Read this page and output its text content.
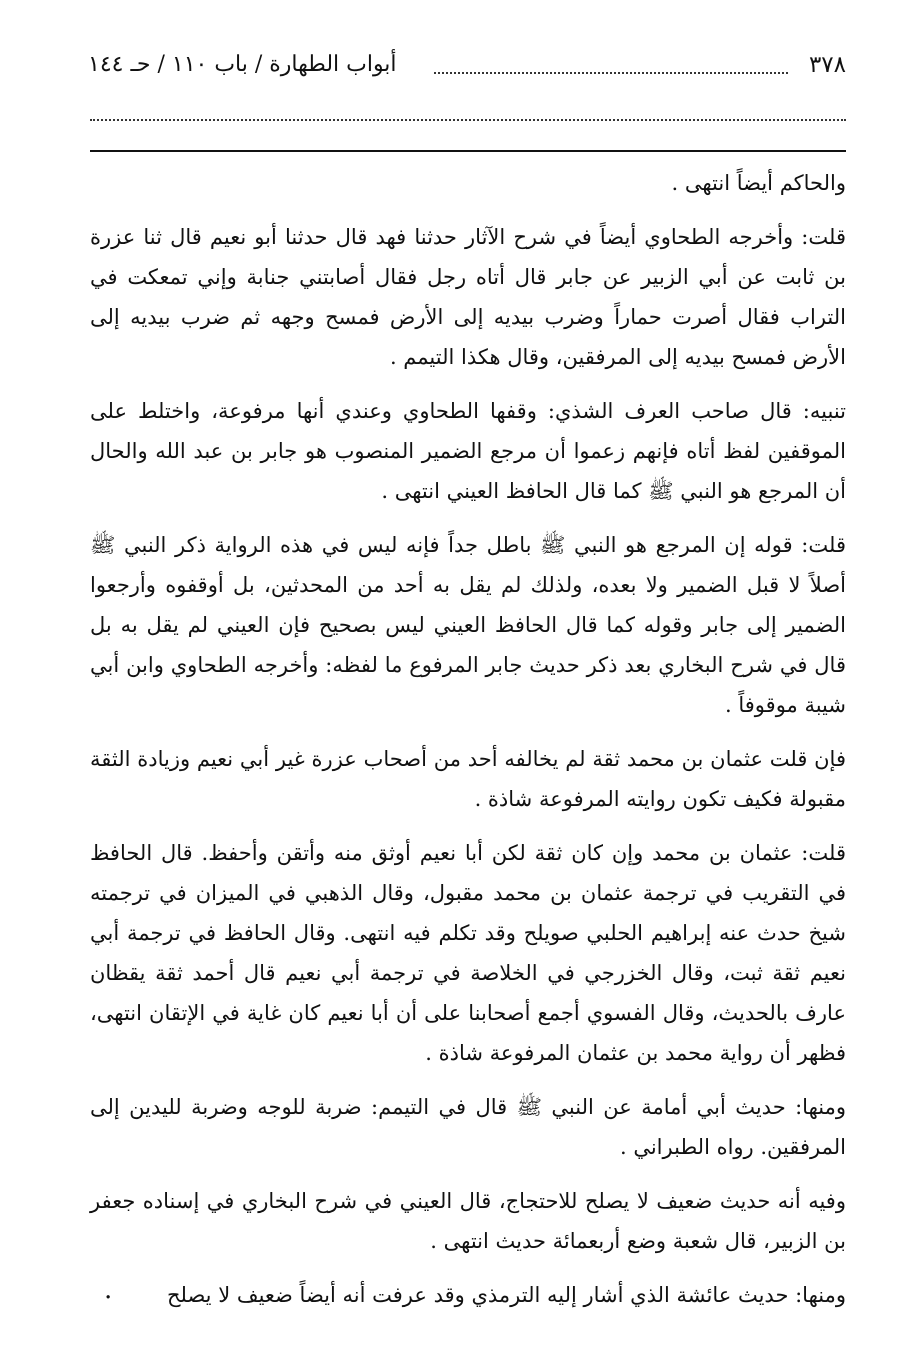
٣٧٨
أبواب الطهارة / باب ١١٠ / حـ ١٤٤

والحاكم أيضاً انتهى .

قلت: وأخرجه الطحاوي أيضاً في شرح الآثار حدثنا فهد قال حدثنا أبو نعيم قال ثنا عزرة بن ثابت عن أبي الزبير عن جابر قال أتاه رجل فقال أصابتني جنابة وإني تمعكت في التراب فقال أصرت حماراً وضرب بيديه إلى الأرض فمسح وجهه ثم ضرب بيديه إلى الأرض فمسح بيديه إلى المرفقين، وقال هكذا التيمم .

تنبيه: قال صاحب العرف الشذي: وقفها الطحاوي وعندي أنها مرفوعة، واختلط على الموقفين لفظ أتاه فإنهم زعموا أن مرجع الضمير المنصوب هو جابر بن عبد الله والحال أن المرجع هو النبي ﷺ كما قال الحافظ العيني انتهى .

قلت: قوله إن المرجع هو النبي ﷺ باطل جداً فإنه ليس في هذه الرواية ذكر النبي ﷺ أصلاً لا قبل الضمير ولا بعده، ولذلك لم يقل به أحد من المحدثين، بل أوقفوه وأرجعوا الضمير إلى جابر وقوله كما قال الحافظ العيني ليس بصحيح فإن العيني لم يقل به بل قال في شرح البخاري بعد ذكر حديث جابر المرفوع ما لفظه: وأخرجه الطحاوي وابن أبي شيبة موقوفاً .

فإن قلت عثمان بن محمد ثقة لم يخالفه أحد من أصحاب عزرة غير أبي نعيم وزيادة الثقة مقبولة فكيف تكون روايته المرفوعة شاذة .

قلت: عثمان بن محمد وإن كان ثقة لكن أبا نعيم أوثق منه وأتقن وأحفظ. قال الحافظ في التقريب في ترجمة عثمان بن محمد مقبول، وقال الذهبي في الميزان في ترجمته شيخ حدث عنه إبراهيم الحلبي صويلح وقد تكلم فيه انتهى. وقال الحافظ في ترجمة أبي نعيم ثقة ثبت، وقال الخزرجي في الخلاصة في ترجمة أبي نعيم قال أحمد ثقة يقظان عارف بالحديث، وقال الفسوي أجمع أصحابنا على أن أبا نعيم كان غاية في الإتقان انتهى، فظهر أن رواية محمد بن عثمان المرفوعة شاذة .

ومنها: حديث أبي أمامة عن النبي ﷺ قال في التيمم: ضربة للوجه وضربة لليدين إلى المرفقين. رواه الطبراني .

وفيه أنه حديث ضعيف لا يصلح للاحتجاج، قال العيني في شرح البخاري في إسناده جعفر بن الزبير، قال شعبة وضع أربعمائة حديث انتهى .

ومنها: حديث عائشة الذي أشار إليه الترمذي وقد عرفت أنه أيضاً ضعيف لا يصلح

.
